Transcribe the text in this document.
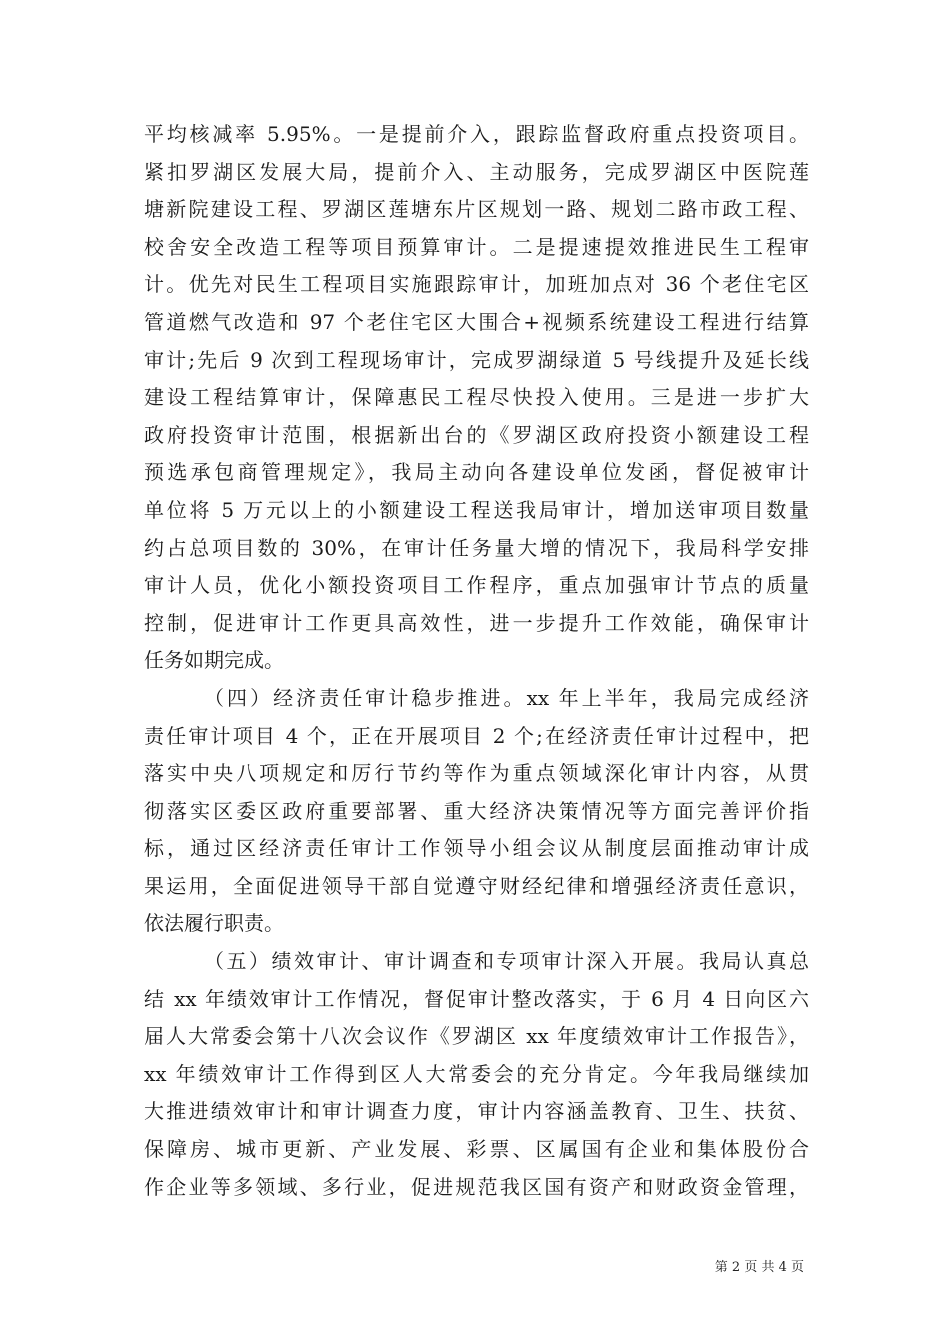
平均核减率 5.95%。一是提前介入，跟踪监督政府重点投资项目。
紧扣罗湖区发展大局，提前介入、主动服务，完成罗湖区中医院莲
塘新院建设工程、罗湖区莲塘东片区规划一路、规划二路市政工程、
校舍安全改造工程等项目预算审计。二是提速提效推进民生工程审
计。优先对民生工程项目实施跟踪审计，加班加点对 36 个老住宅区
管道燃气改造和 97 个老住宅区大围合+视频系统建设工程进行结算
审计;先后 9 次到工程现场审计，完成罗湖绿道 5 号线提升及延长线
建设工程结算审计，保障惠民工程尽快投入使用。三是进一步扩大
政府投资审计范围，根据新出台的《罗湖区政府投资小额建设工程
预选承包商管理规定》，我局主动向各建设单位发函，督促被审计
单位将 5 万元以上的小额建设工程送我局审计，增加送审项目数量
约占总项目数的 30%，在审计任务量大增的情况下，我局科学安排
审计人员，优化小额投资项目工作程序，重点加强审计节点的质量
控制，促进审计工作更具高效性，进一步提升工作效能，确保审计
任务如期完成。
（四）经济责任审计稳步推进。xx 年上半年，我局完成经济
责任审计项目 4 个，正在开展项目 2 个;在经济责任审计过程中，把
落实中央八项规定和厉行节约等作为重点领域深化审计内容，从贯
彻落实区委区政府重要部署、重大经济决策情况等方面完善评价指
标，通过区经济责任审计工作领导小组会议从制度层面推动审计成
果运用，全面促进领导干部自觉遵守财经纪律和增强经济责任意识，
依法履行职责。
（五）绩效审计、审计调查和专项审计深入开展。我局认真总
结 xx 年绩效审计工作情况，督促审计整改落实，于 6 月 4 日向区六
届人大常委会第十八次会议作《罗湖区 xx 年度绩效审计工作报告》，
xx 年绩效审计工作得到区人大常委会的充分肯定。今年我局继续加
大推进绩效审计和审计调查力度，审计内容涵盖教育、卫生、扶贫、
保障房、城市更新、产业发展、彩票、区属国有企业和集体股份合
作企业等多领域、多行业，促进规范我区国有资产和财政资金管理，
第 2 页 共 4 页
